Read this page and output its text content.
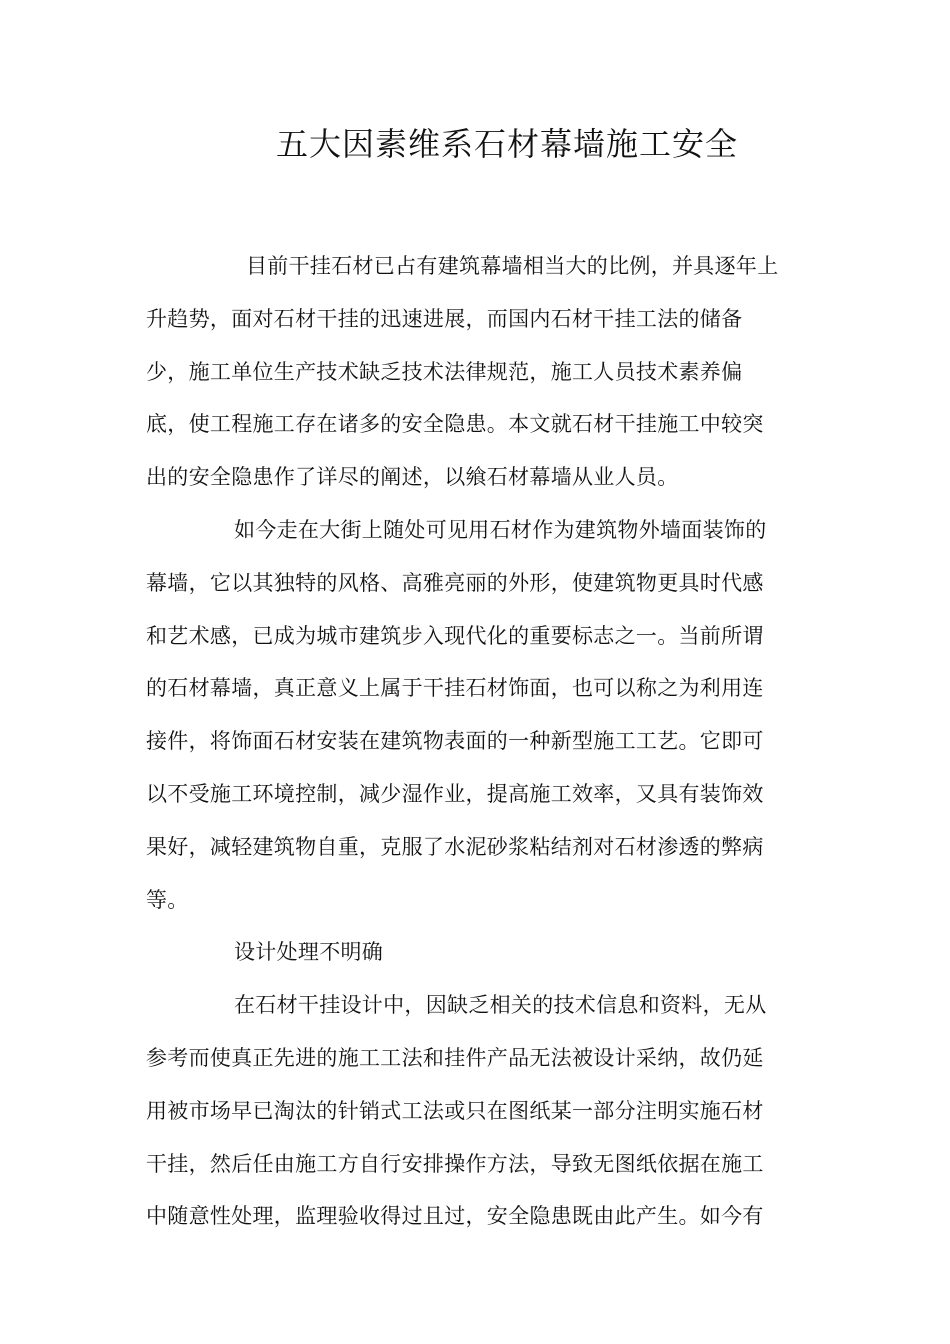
五大因素维系石材幕墙施工安全
目前干挂石材已占有建筑幕墙相当大的比例，并具逐年上
升趋势，面对石材干挂的迅速进展，而国内石材干挂工法的储备
少，施工单位生产技术缺乏技术法律规范，施工人员技术素养偏
底，使工程施工存在诸多的安全隐患。本文就石材干挂施工中较突
出的安全隐患作了详尽的阐述，以飨石材幕墙从业人员。
如今走在大街上随处可见用石材作为建筑物外墙面装饰的
幕墙，它以其独特的风格、高雅亮丽的外形，使建筑物更具时代感
和艺术感，已成为城市建筑步入现代化的重要标志之一。当前所谓
的石材幕墙，真正意义上属于干挂石材饰面，也可以称之为利用连
接件，将饰面石材安装在建筑物表面的一种新型施工工艺。它即可
以不受施工环境控制，减少湿作业，提高施工效率，又具有装饰效
果好，减轻建筑物自重，克服了水泥砂浆粘结剂对石材渗透的弊病
等。
设计处理不明确
在石材干挂设计中，因缺乏相关的技术信息和资料，无从
参考而使真正先进的施工工法和挂件产品无法被设计采纳，故仍延
用被市场早已淘汰的针销式工法或只在图纸某一部分注明实施石材
干挂，然后任由施工方自行安排操作方法，导致无图纸依据在施工
中随意性处理，监理验收得过且过，安全隐患既由此产生。如今有
